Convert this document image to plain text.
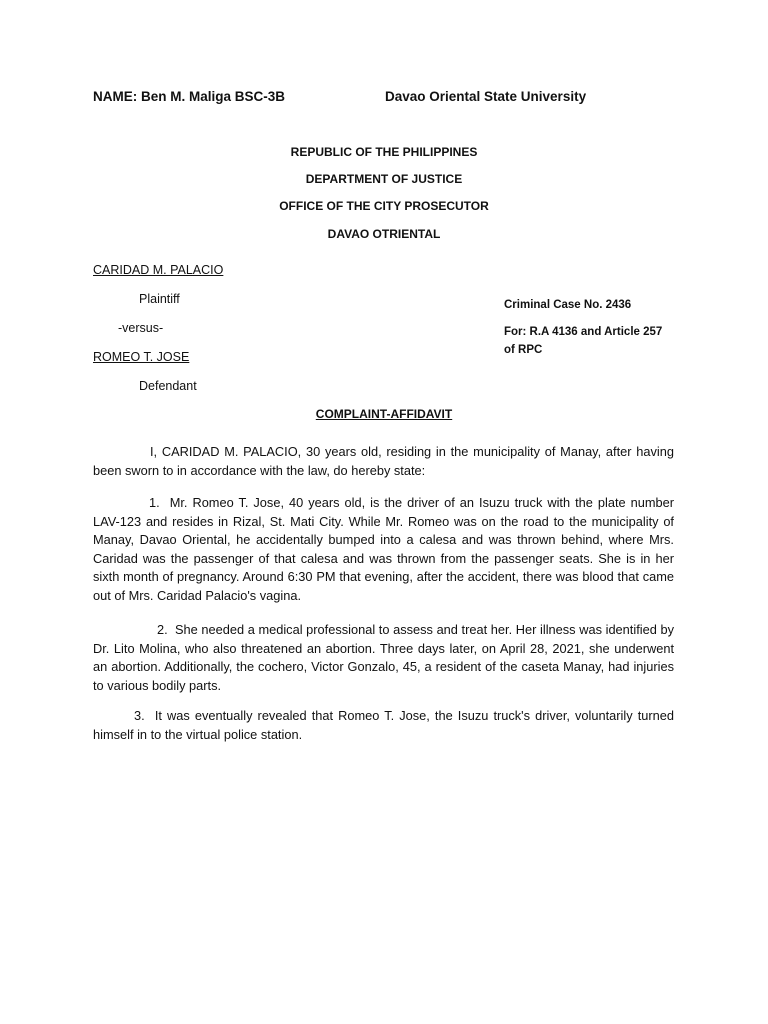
NAME: Ben M. Maliga BSC-3B	Davao Oriental State University

REPUBLIC OF THE PHILIPPINES

DEPARTMENT OF JUSTICE

OFFICE OF THE CITY PROSECUTOR

DAVAO OTRIENTAL

CARIDAD M. PALACIO

Plaintiff

-versus-

ROMEO T. JOSE

Defendant

Criminal Case No. 2436

For: R.A 4136 and Article 257

of RPC

COMPLAINT-AFFIDAVIT

I, CARIDAD M. PALACIO, 30 years old, residing in the municipality of Manay, after having been sworn to in accordance with the law, do hereby state:

1. Mr. Romeo T. Jose, 40 years old, is the driver of an Isuzu truck with the plate number LAV-123 and resides in Rizal, St. Mati City. While Mr. Romeo was on the road to the municipality of Manay, Davao Oriental, he accidentally bumped into a calesa and was thrown behind, where Mrs. Caridad was the passenger of that calesa and was thrown from the passenger seats. She is in her sixth month of pregnancy. Around 6:30 PM that evening, after the accident, there was blood that came out of Mrs. Caridad Palacio's vagina.

2. She needed a medical professional to assess and treat her. Her illness was identified by Dr. Lito Molina, who also threatened an abortion. Three days later, on April 28, 2021, she underwent an abortion. Additionally, the cochero, Victor Gonzalo, 45, a resident of the caseta Manay, had injuries to various bodily parts.

3. It was eventually revealed that Romeo T. Jose, the Isuzu truck's driver, voluntarily turned himself in to the virtual police station.
